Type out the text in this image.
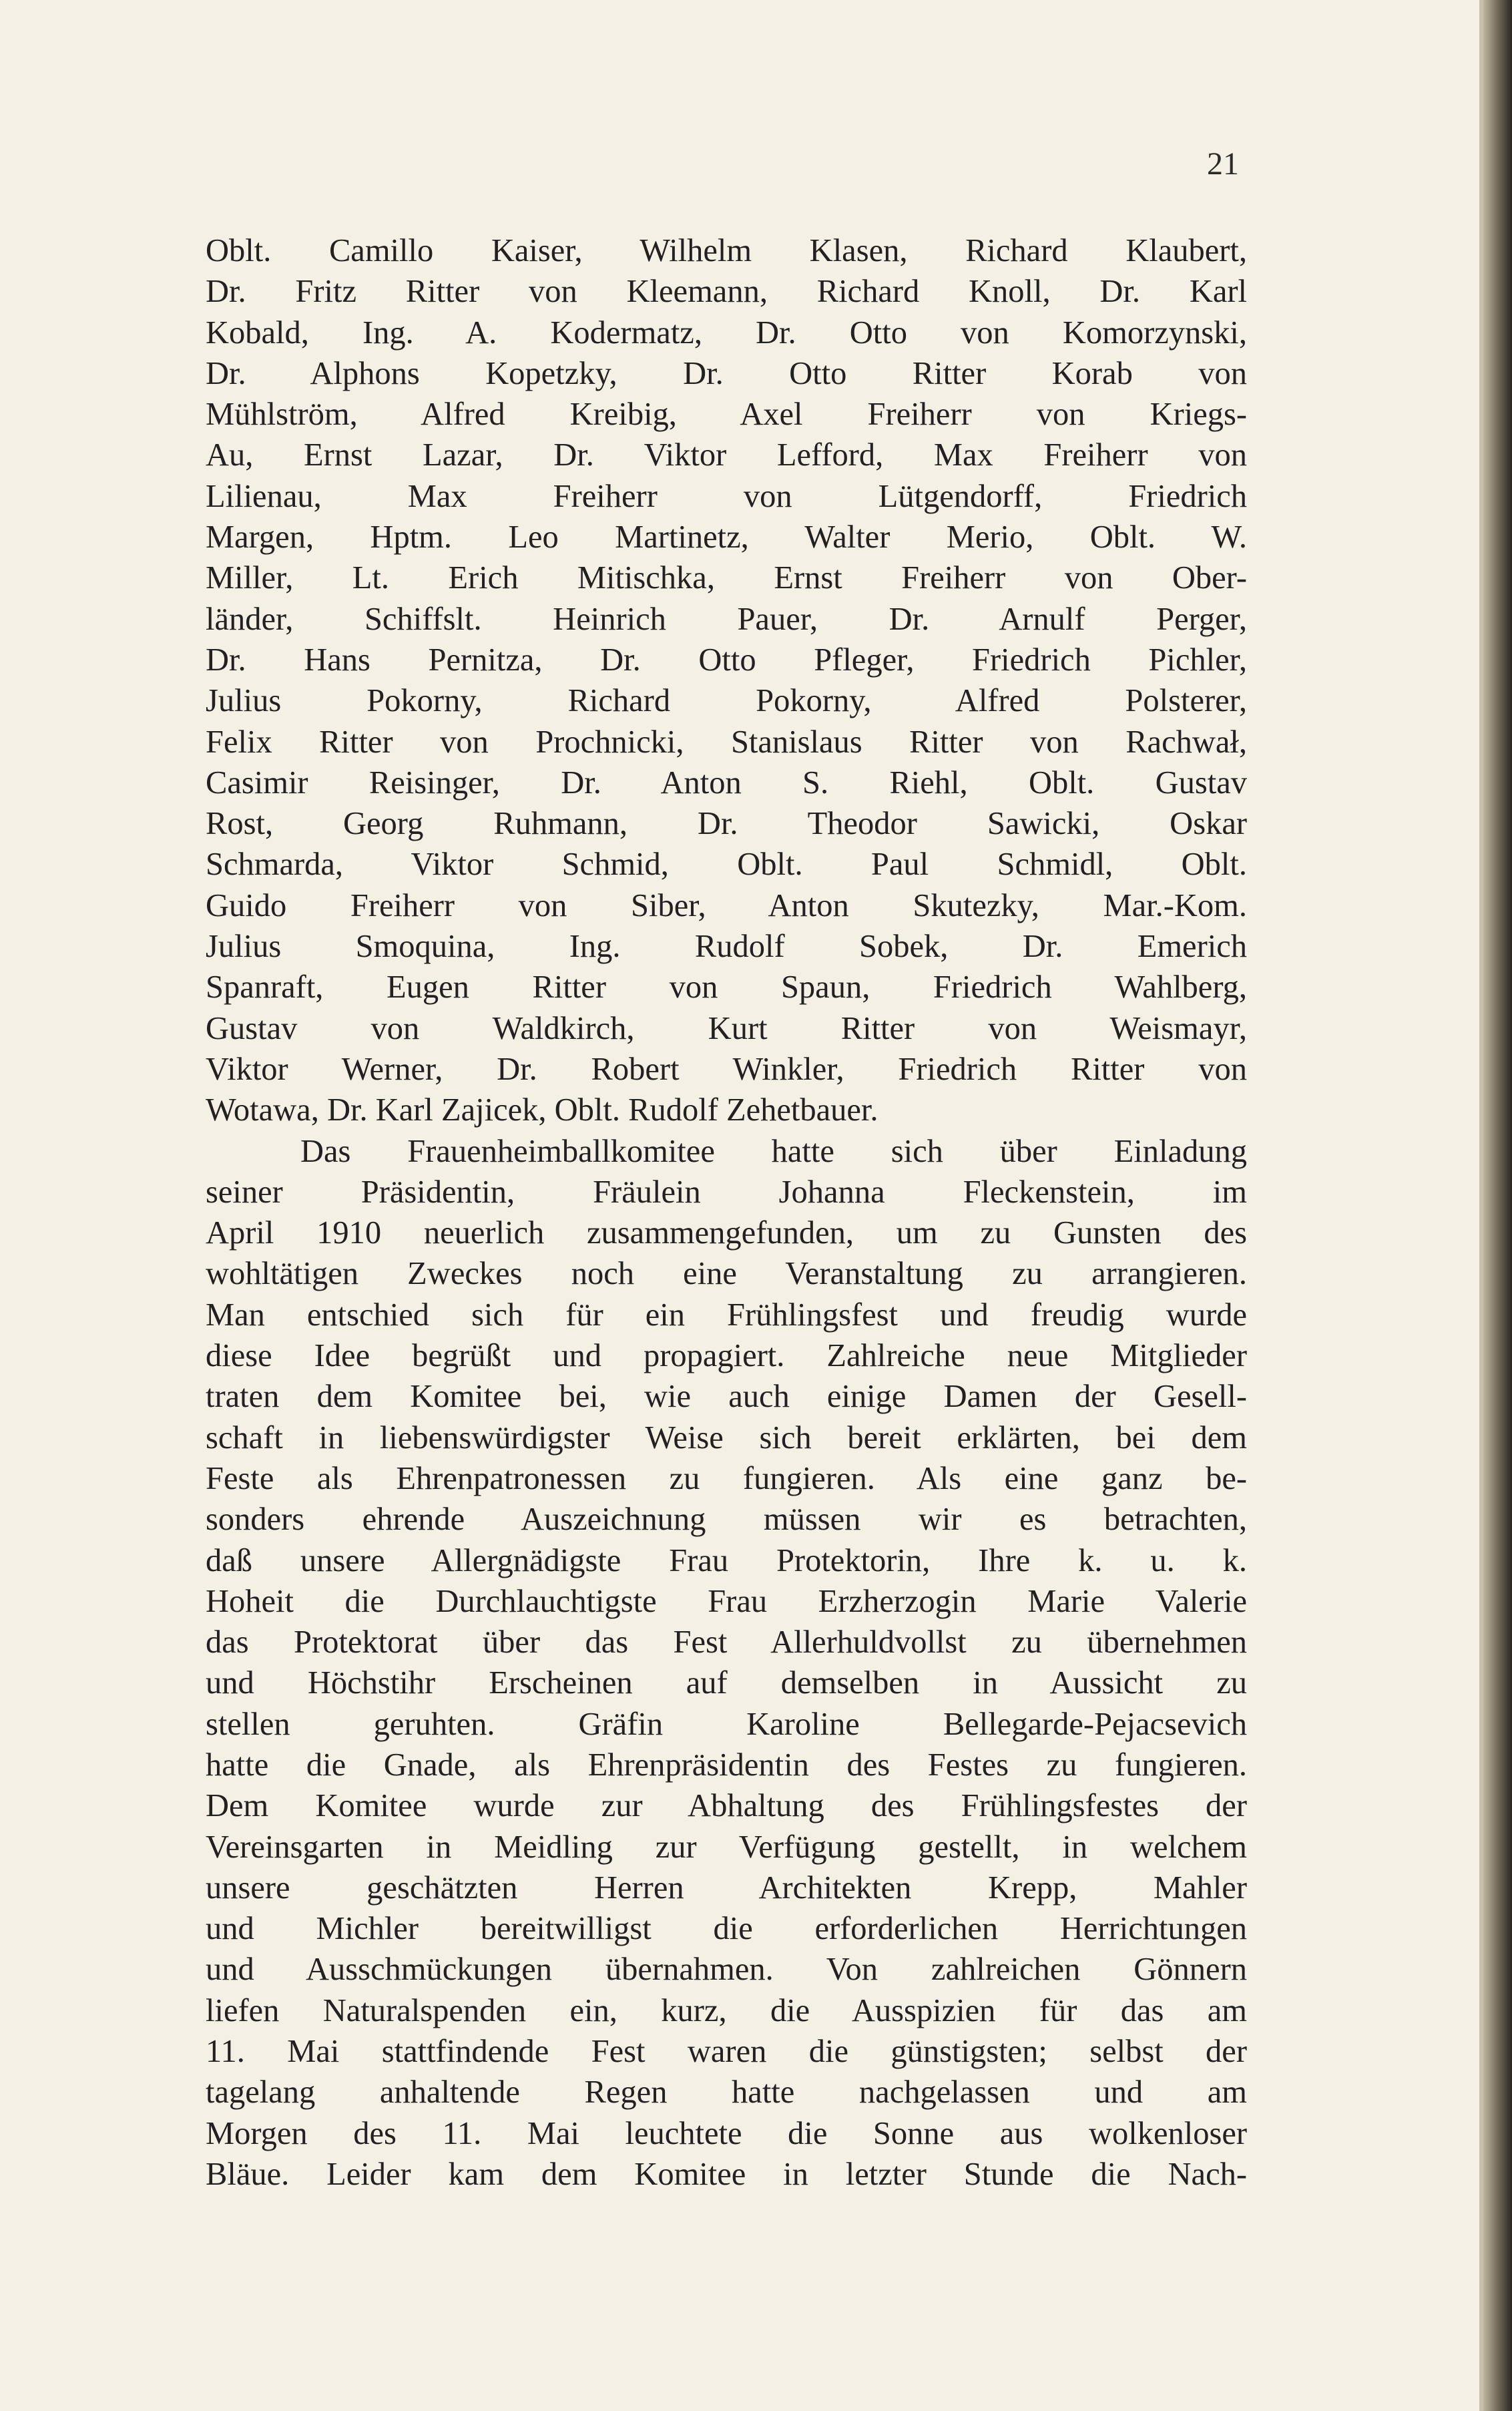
21
Oblt. Camillo Kaiser, Wilhelm Klasen, Richard Klaubert,
Dr. Fritz Ritter von Kleemann, Richard Knoll, Dr. Karl
Kobald, Ing. A. Kodermatz, Dr. Otto von Komorzynski,
Dr. Alphons Kopetzky, Dr. Otto Ritter Korab von
Mühlström, Alfred Kreibig, Axel Freiherr von Kriegs-
Au, Ernst Lazar, Dr. Viktor Lefford, Max Freiherr von
Lilienau, Max Freiherr von Lütgendorff, Friedrich
Margen, Hptm. Leo Martinetz, Walter Merio, Oblt. W.
Miller, Lt. Erich Mitischka, Ernst Freiherr von Ober-
länder, Schiffslt. Heinrich Pauer, Dr. Arnulf Perger,
Dr. Hans Pernitza, Dr. Otto Pfleger, Friedrich Pichler,
Julius Pokorny, Richard Pokorny, Alfred Polsterer,
Felix Ritter von Prochnicki, Stanislaus Ritter von Rachwał,
Casimir Reisinger, Dr. Anton S. Riehl, Oblt. Gustav
Rost, Georg Ruhmann, Dr. Theodor Sawicki, Oskar
Schmarda, Viktor Schmid, Oblt. Paul Schmidl, Oblt.
Guido Freiherr von Siber, Anton Skutezky, Mar.-Kom.
Julius Smoquina, Ing. Rudolf Sobek, Dr. Emerich
Spanraft, Eugen Ritter von Spaun, Friedrich Wahlberg,
Gustav von Waldkirch, Kurt Ritter von Weismayr,
Viktor Werner, Dr. Robert Winkler, Friedrich Ritter von
Wotawa, Dr. Karl Zajicek, Oblt. Rudolf Zehetbauer.
Das Frauenheimballkomitee hatte sich über Einladung
seiner Präsidentin, Fräulein Johanna Fleckenstein, im
April 1910 neuerlich zusammengefunden, um zu Gunsten des
wohltätigen Zweckes noch eine Veranstaltung zu arrangieren.
Man entschied sich für ein Frühlingsfest und freudig wurde
diese Idee begrüßt und propagiert. Zahlreiche neue Mitglieder
traten dem Komitee bei, wie auch einige Damen der Gesell-
schaft in liebenswürdigster Weise sich bereit erklärten, bei dem
Feste als Ehrenpatronessen zu fungieren. Als eine ganz be-
sonders ehrende Auszeichnung müssen wir es betrachten,
daß unsere Allergnädigste Frau Protektorin, Ihre k. u. k.
Hoheit die Durchlauchtigste Frau Erzherzogin Marie Valerie
das Protektorat über das Fest Allerhuldvollst zu übernehmen
und Höchstihr Erscheinen auf demselben in Aussicht zu
stellen geruhten. Gräfin Karoline Bellegarde-Pejacsevich
hatte die Gnade, als Ehrenpräsidentin des Festes zu fungieren.
Dem Komitee wurde zur Abhaltung des Frühlingsfestes der
Vereinsgarten in Meidling zur Verfügung gestellt, in welchem
unsere geschätzten Herren Architekten Krepp, Mahler
und Michler bereitwilligst die erforderlichen Herrichtungen
und Ausschmückungen übernahmen. Von zahlreichen Gönnern
liefen Naturalspenden ein, kurz, die Ausspizien für das am
11. Mai stattfindende Fest waren die günstigsten; selbst der
tagelang anhaltende Regen hatte nachgelassen und am
Morgen des 11. Mai leuchtete die Sonne aus wolkenloser
Bläue. Leider kam dem Komitee in letzter Stunde die Nach-
